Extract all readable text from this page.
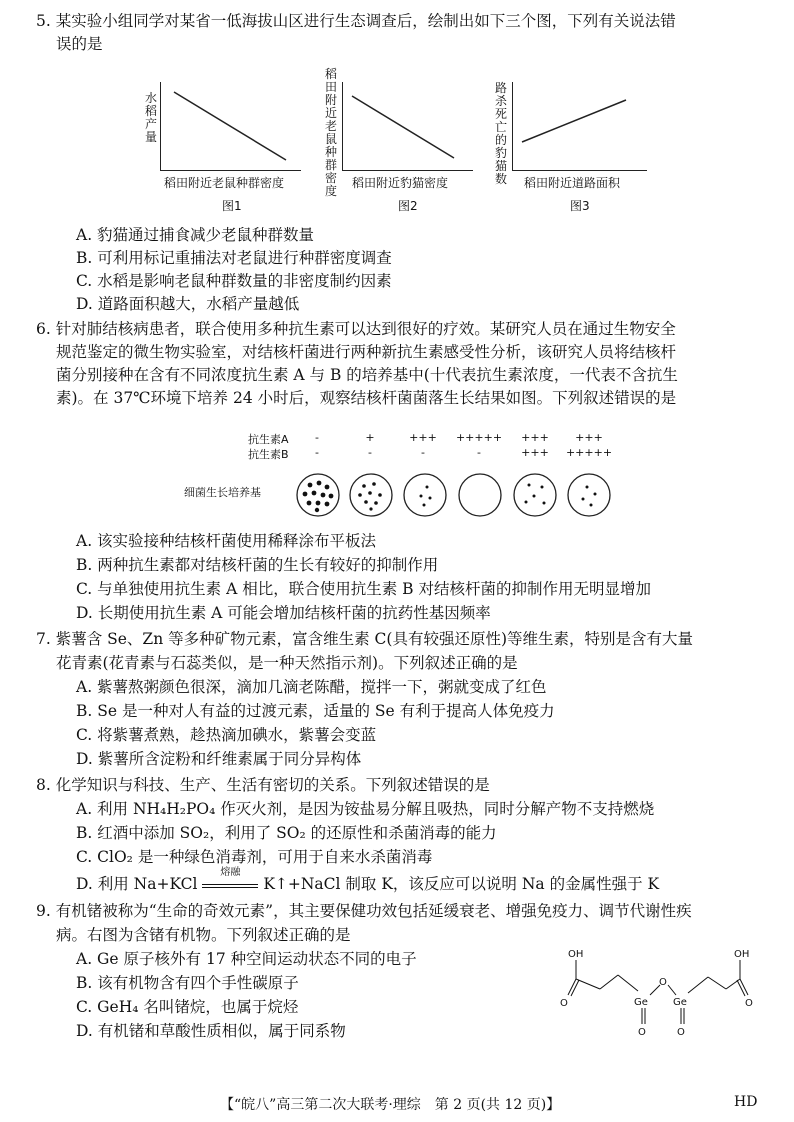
5. 某实验小组同学对某省一低海拔山区进行生态调查后，绘制出如下三个图，下列有关说法错
误的是
水稻产量
稻田附近老鼠种群密度
图1
稻田附近老鼠种群密度
稻田附近豹猫密度
图2
路杀死亡的豹猫数 稻田附近道路面积
图3
A. 豹猫通过捕食减少老鼠种群数量
B. 可利用标记重捕法对老鼠进行种群密度调查
C. 水稻是影响老鼠种群数量的非密度制约因素
D. 道路面积越大，水稻产量越低
6. 针对肺结核病患者，联合使用多种抗生素可以达到很好的疗效。某研究人员在通过生物安全
规范鉴定的微生物实验室，对结核杆菌进行两种新抗生素感受性分析，该研究人员将结核杆
菌分别接种在含有不同浓度抗生素 A 与 B 的培养基中(十代表抗生素浓度，一代表不含抗生
素)。在 37℃环境下培养 24 小时后，观察结核杆菌菌落生长结果如图。下列叙述错误的是
抗生素A
抗生素B
-	+	+++	+++++	+++	+++
-	-	-	-	+++	+++++
细菌生长培养基
A. 该实验接种结核杆菌使用稀释涂布平板法
B. 两种抗生素都对结核杆菌的生长有较好的抑制作用
C. 与单独使用抗生素 A 相比，联合使用抗生素 B 对结核杆菌的抑制作用无明显增加
D. 长期使用抗生素 A 可能会增加结核杆菌的抗药性基因频率
7. 紫薯含 Se、Zn 等多种矿物元素，富含维生素 C(具有较强还原性)等维生素，特别是含有大量
花青素(花青素与石蕊类似，是一种天然指示剂)。下列叙述正确的是
A. 紫薯熬粥颜色很深，滴加几滴老陈醋，搅拌一下，粥就变成了红色
B. Se 是一种对人有益的过渡元素，适量的 Se 有利于提高人体免疫力
C. 将紫薯煮熟，趁热滴加碘水，紫薯会变蓝
D. 紫薯所含淀粉和纤维素属于同分异构体
8. 化学知识与科技、生产、生活有密切的关系。下列叙述错误的是
A. 利用 NH₄H₂PO₄ 作灭火剂，是因为铵盐易分解且吸热，同时分解产物不支持燃烧
B. 红酒中添加 SO₂，利用了 SO₂ 的还原性和杀菌消毒的能力
C. ClO₂ 是一种绿色消毒剂，可用于自来水杀菌消毒
D. 利用 Na+KCl
熔融
K↑+NaCl 制取 K，该反应可以说明 Na 的金属性强于 K
9. 有机锗被称为“生命的奇效元素”，其主要保健功效包括延缓衰老、增强免疫力、调节代谢性疾
病。右图为含锗有机物。下列叙述正确的是
A. Ge 原子核外有 17 种空间运动状态不同的电子
B. 该有机物含有四个手性碳原子
C. GeH₄ 名叫锗烷，也属于烷烃
D. 有机锗和草酸性质相似，属于同系物
OH
O	Ge
O
O
Ge
O
OH
O
【“皖八”高三第二次大联考·理综　第 2 页(共 12 页)】	HD
